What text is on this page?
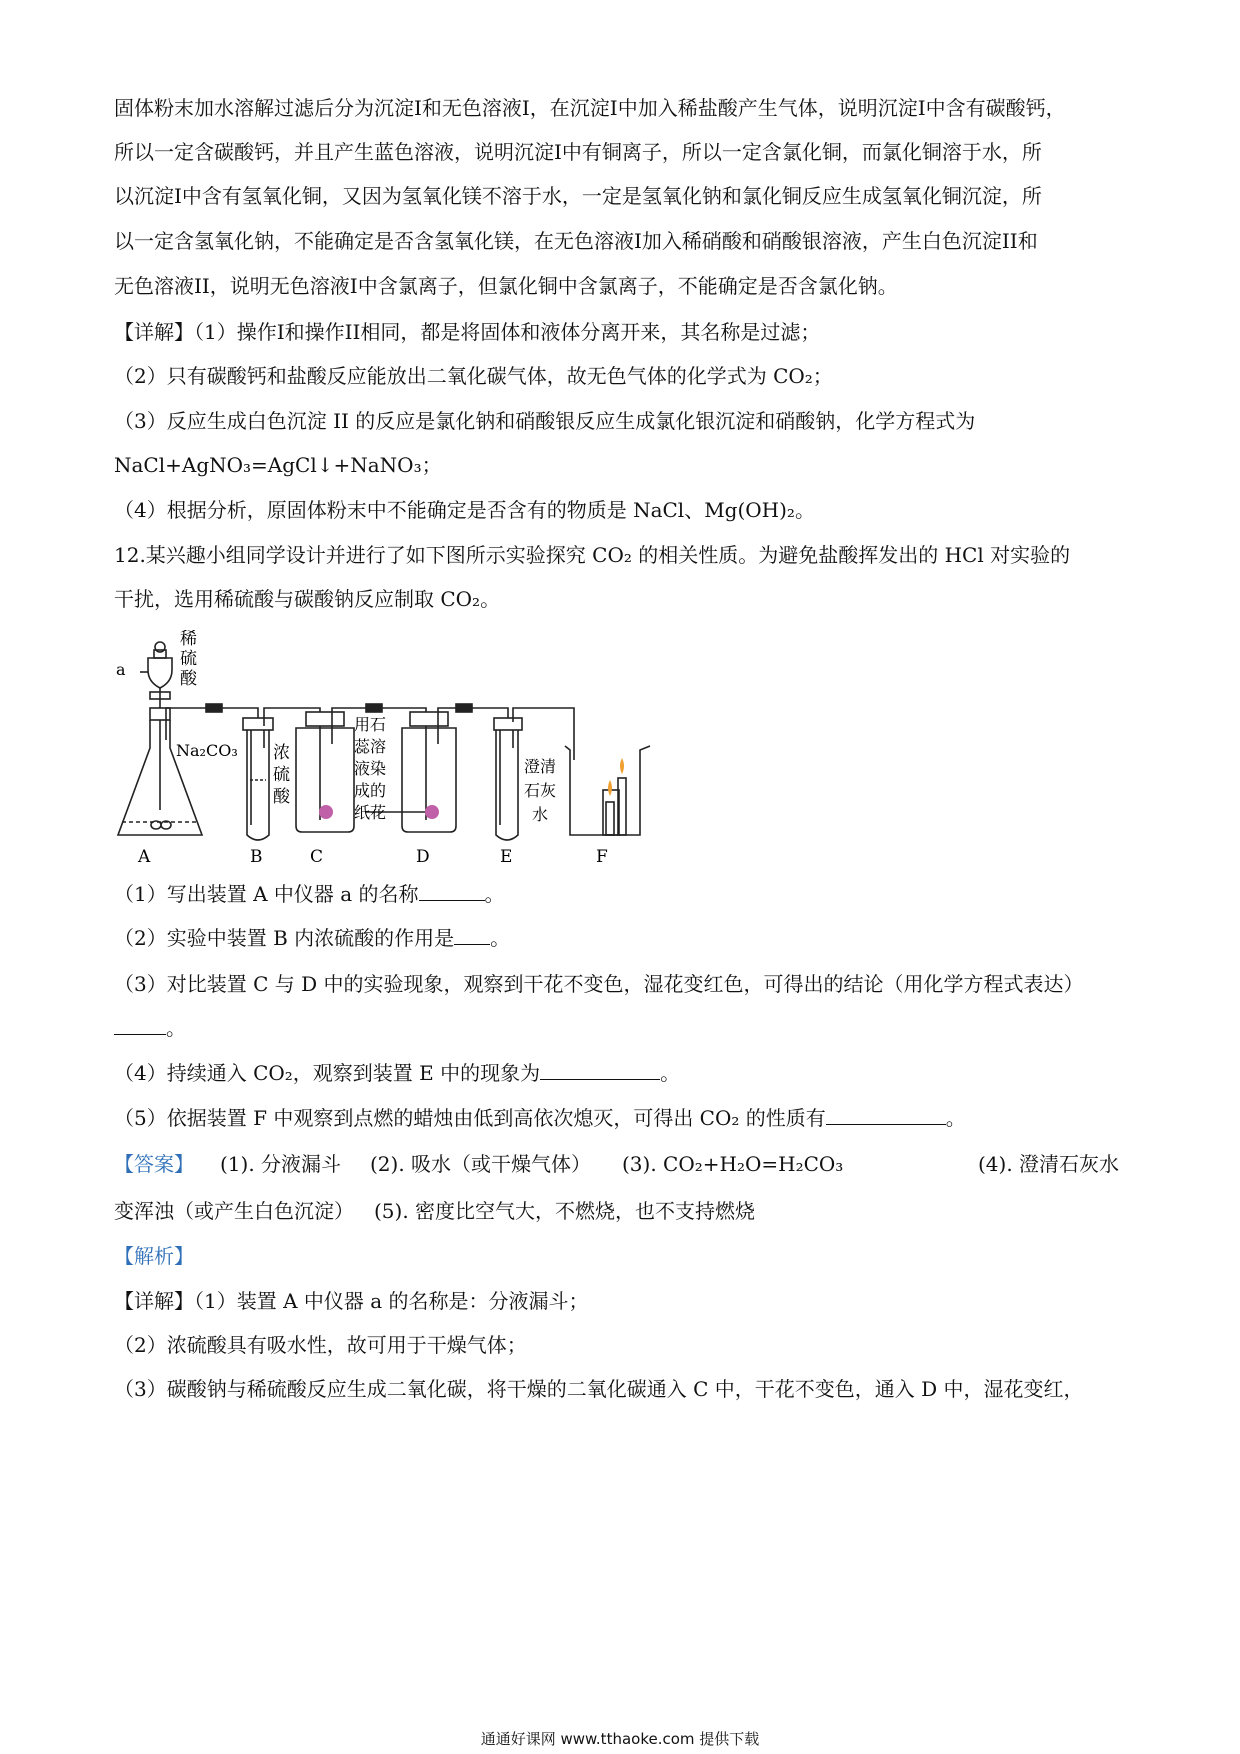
固体粉末加水溶解过滤后分为沉淀I和无色溶液I，在沉淀I中加入稀盐酸产生气体，说明沉淀I中含有碳酸钙，
所以一定含碳酸钙，并且产生蓝色溶液，说明沉淀I中有铜离子，所以一定含氯化铜，而氯化铜溶于水，所
以沉淀I中含有氢氧化铜，又因为氢氧化镁不溶于水，一定是氢氧化钠和氯化铜反应生成氢氧化铜沉淀，所
以一定含氢氧化钠，不能确定是否含氢氧化镁，在无色溶液I加入稀硝酸和硝酸银溶液，产生白色沉淀II和
无色溶液II，说明无色溶液I中含氯离子，但氯化铜中含氯离子，不能确定是否含氯化钠。
【详解】（1）操作I和操作II相同，都是将固体和液体分离开来，其名称是过滤；
（2）只有碳酸钙和盐酸反应能放出二氧化碳气体，故无色气体的化学式为 CO₂；
（3）反应生成白色沉淀 II 的反应是氯化钠和硝酸银反应生成氯化银沉淀和硝酸钠，化学方程式为
NaCl+AgNO₃=AgCl↓+NaNO₃；
（4）根据分析，原固体粉末中不能确定是否含有的物质是 NaCl、Mg(OH)₂。
12.某兴趣小组同学设计并进行了如下图所示实验探究 CO₂ 的相关性质。为避免盐酸挥发出的 HCl 对实验的
干扰，选用稀硫酸与碳酸钠反应制取 CO₂。
a
稀
硫
酸
Na₂CO₃ 浓
硫
酸
用石
蕊溶
液染
成的
纸花
澄清
石灰
水
A	B	C	D	E	F
（1）写出装置 A 中仪器 a 的名称	。
（2）实验中装置 B 内浓硫酸的作用是 。
（3）对比装置 C 与 D 中的实验现象，观察到干花不变色，湿花变红色，可得出的结论（用化学方程式表达）
。
（4）持续通入 CO₂，观察到装置 E 中的现象为	。
（5）依据装置 F 中观察到点燃的蜡烛由低到高依次熄灭，可得出 CO₂ 的性质有	。
【答案】 (1). 分液漏斗 (2). 吸水（或干燥气体） (3). CO₂+H₂O=H₂CO₃	(4). 澄清石灰水
变浑浊（或产生白色沉淀） (5). 密度比空气大，不燃烧，也不支持燃烧
【解析】
【详解】（1）装置 A 中仪器 a 的名称是：分液漏斗；
（2）浓硫酸具有吸水性，故可用于干燥气体；
（3）碳酸钠与稀硫酸反应生成二氧化碳，将干燥的二氧化碳通入 C 中，干花不变色，通入 D 中，湿花变红，
通通好课网 www.tthaoke.com 提供下载
